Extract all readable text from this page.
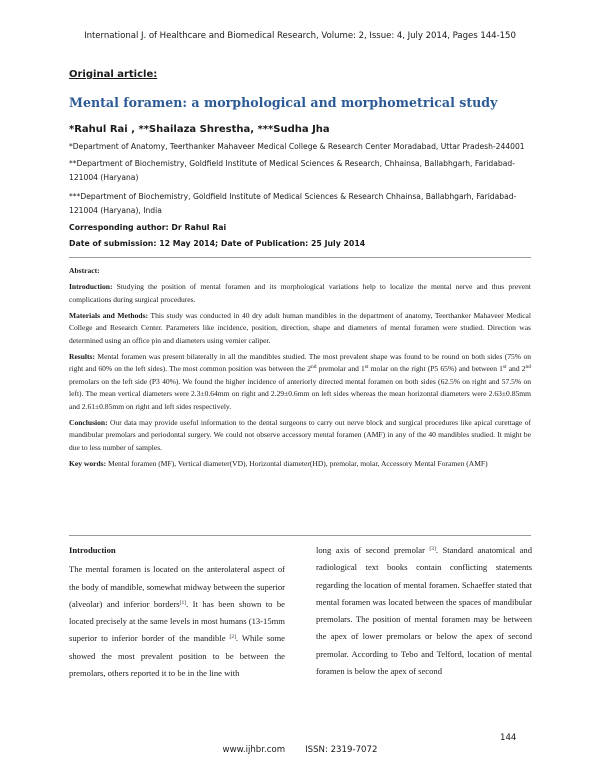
International J. of Healthcare and Biomedical Research, Volume: 2, Issue: 4, July 2014, Pages 144-150
Original article:
Mental foramen: a morphological and morphometrical study
*Rahul Rai , **Shailaza Shrestha, ***Sudha Jha
*Department of Anatomy, Teerthanker Mahaveer Medical College & Research Center Moradabad, Uttar Pradesh-244001
**Department of Biochemistry, Goldfield Institute of Medical Sciences & Research, Chhainsa, Ballabhgarh, Faridabad-121004 (Haryana)
***Department of Biochemistry, Goldfield Institute of Medical Sciences & Research Chhainsa, Ballabhgarh, Faridabad-121004 (Haryana), India
Corresponding author: Dr Rahul Rai
Date of submission: 12 May 2014; Date of Publication: 25 July 2014

Abstract:

Introduction: Studying the position of mental foramen and its morphological variations help to localize the mental nerve and thus prevent complications during surgical procedures.

Materials and Methods: This study was conducted in 40 dry adult human mandibles in the department of anatomy, Teerthanker Mahaveer Medical College and Research Center. Parameters like incidence, position, direction, shape and diameters of mental foramen were studied. Direction was determined using an office pin and diameters using vernier caliper.

Results: Mental foramen was present bilaterally in all the mandibles studied. The most prevalent shape was found to be round on both sides (75% on right and 60% on the left sides). The most common position was between the 2nd premolar and 1st molar on the right (P5 65%) and between 1st and 2nd premolars on the left side (P3 40%). We found the higher incidence of anteriorly directed mental foramen on both sides (62.5% on right and 57.5% on left). The mean vertical diameters were 2.3±0.64mm on right and 2.29±0.6mm on left sides whereas the mean horizontal diameters were 2.63±0.85mm and 2.61±0.85mm on right and left sides respectively.

Conclusion: Our data may provide useful information to the dental surgeons to carry out nerve block and surgical procedures like apical curettage of mandibular premolars and periodontal surgery. We could not observe accessory mental foramen (AMF) in any of the 40 mandibles studied. It might be due to less number of samples.

Key words: Mental foramen (MF), Vertical diameter(VD), Horizontal diameter(HD), premolar, molar, Accessory Mental Foramen (AMF)

Introduction

The mental foramen is located on the anterolateral aspect of the body of mandible, somewhat midway between the superior (alveolar) and inferior borders[1]. It has been shown to be located precisely at the same levels in most humans (13-15mm superior to inferior border of the mandible [2]. While some showed the most prevalent position to be between the premolars, others reported it to be in the line with

long axis of second premolar [3]. Standard anatomical and radiological text books contain conflicting statements regarding the location of mental foramen. Schaeffer stated that mental foramen was located between the spaces of mandibular premolars. The position of mental foramen may be between the apex of lower premolars or below the apex of second premolar. According to Tebo and Telford, location of mental foramen is below the apex of second

144
www.ijhbr.com ISSN: 2319-7072
